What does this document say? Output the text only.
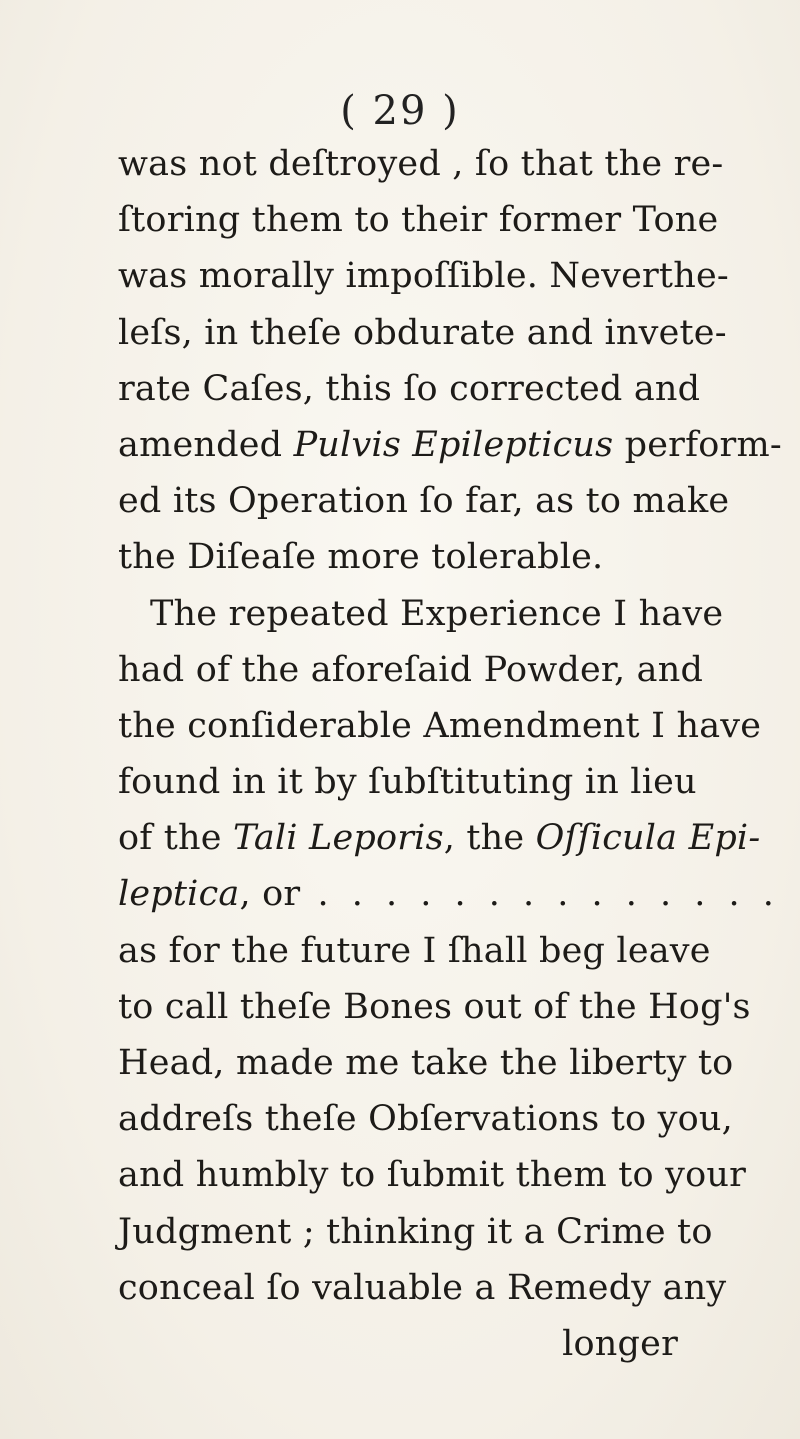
( 29 )
was not deſtroyed , ſo that the re-
ſtoring them to their former Tone
was morally impoſſible. Neverthe-
leſs, in theſe obdurate and invete-
rate Caſes, this ſo corrected and
amended Pulvis Epilepticus perform-
ed its Operation ſo far, as to make
the Diſeaſe more tolerable.
The repeated Experience I have
had of the aforeſaid Powder, and
the conſiderable Amendment I have
found in it by ſubſtituting in lieu
of the Tali Leporis, the Oſſicula Epi-
leptica, or . . . . . . . . . . . . . .
as for the future I ſhall beg leave
to call theſe Bones out of the Hog's
Head, made me take the liberty to
addreſs theſe Obſervations to you,
and humbly to ſubmit them to your
Judgment ; thinking it a Crime to
conceal ſo valuable a Remedy any
longer
